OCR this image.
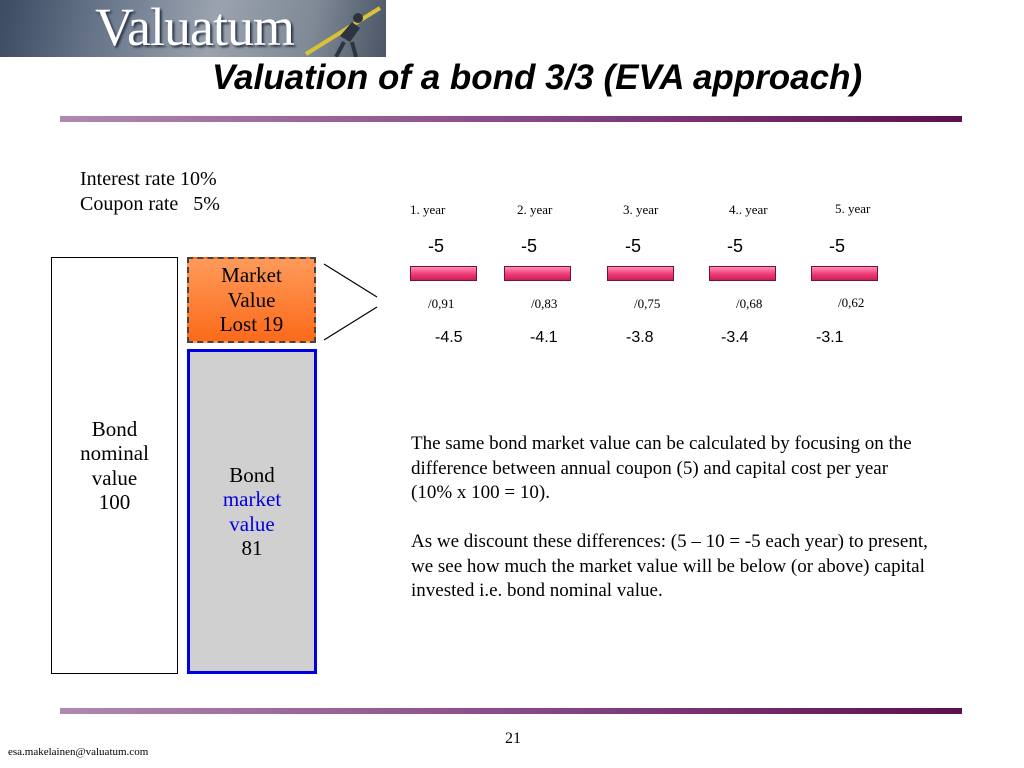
Valuatum
Valuation of a bond 3/3 (EVA approach)
Interest rate 10%
Coupon rate   5%
Bond
nominal
value
100
Market
Value
Lost 19
Bond
market
value
81
1. year	2. year	3. year	4.. year	5. year
-5	-5	-5	-5	-5
/0,91	/0,83	/0,75	/0,68	/0,62
-4.5	-4.1	-3.8	-3.4	-3.1

The same bond market value can be calculated by focusing on the difference between annual coupon (5) and capital cost per year (10% x 100 = 10).

As we discount these differences: (5 – 10 = -5 each year) to present, we see how much the market value will be below (or above) capital invested i.e. bond nominal value.

21
esa.makelainen@valuatum.com
